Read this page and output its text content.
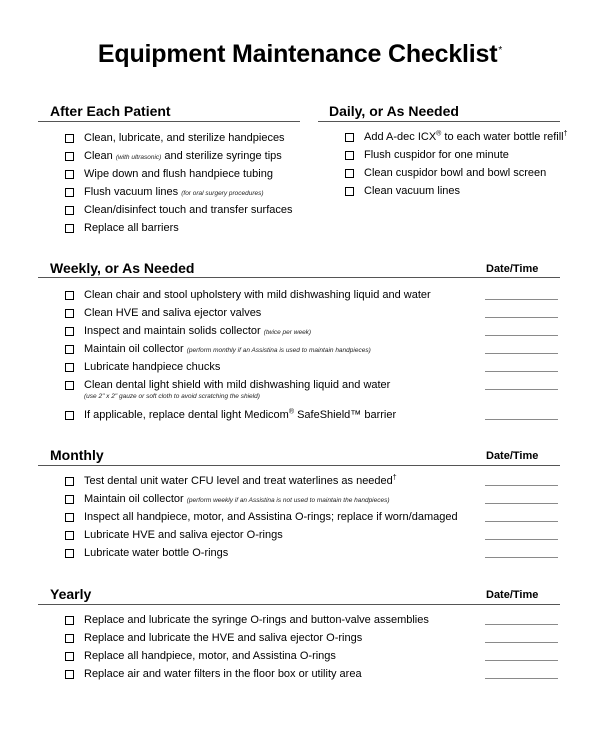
Equipment Maintenance Checklist*
After Each Patient
Clean, lubricate, and sterilize handpieces
Clean (with ultrasonic) and sterilize syringe tips
Wipe down and flush handpiece tubing
Flush vacuum lines (for oral surgery procedures)
Clean/disinfect touch and transfer surfaces
Replace all barriers
Daily, or As Needed
Add A-dec ICX® to each water bottle refill†
Flush cuspidor for one minute
Clean cuspidor bowl and bowl screen
Clean vacuum lines
Weekly, or As Needed	Date/Time
Clean chair and stool upholstery with mild dishwashing liquid and water
Clean HVE and saliva ejector valves
Inspect and maintain solids collector (twice per week)
Maintain oil collector (perform monthly if an Assistina is used to maintain handpieces)
Lubricate handpiece chucks
Clean dental light shield with mild dishwashing liquid and water
(use 2" x 2" gauze or soft cloth to avoid scratching the shield)
If applicable, replace dental light Medicom® SafeShield™ barrier
Monthly	Date/Time
Test dental unit water CFU level and treat waterlines as needed†
Maintain oil collector (perform weekly if an Assistina is not used to maintain the handpieces)
Inspect all handpiece, motor, and Assistina O-rings; replace if worn/damaged
Lubricate HVE and saliva ejector O-rings
Lubricate water bottle O-rings
Yearly	Date/Time
Replace and lubricate the syringe O-rings and button-valve assemblies
Replace and lubricate the HVE and saliva ejector O-rings
Replace all handpiece, motor, and Assistina O-rings
Replace air and water filters in the floor box or utility area
